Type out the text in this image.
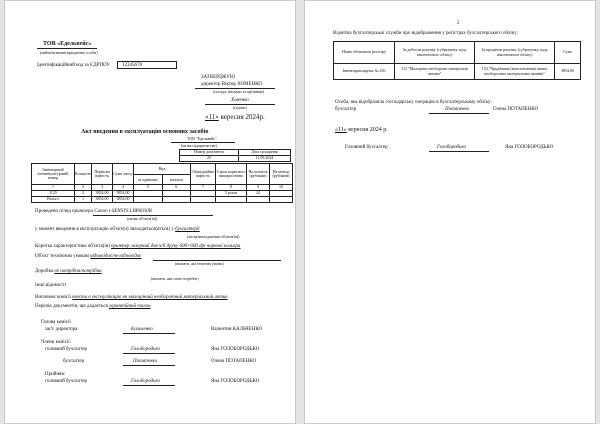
ТОВ «Едельвейс»
(найменування юридичної особи)
Ідентифікаційний код за ЄДРПОУ	12345678
ЗАТВЕРДЖУЮ
директор Віктор ХОМЕНКО
(посада, ініціали та прізвище)
Хоменко
(підпис)
«11» вересня 2024р.
Акт введення в експлуатацію основних засобів
ТОВ "Едельвейс"
(назва підприємства)
Номер документа	Дата складання
25	11.09.2024
Інвентарний (номенклатурний) номер	Кількість	Первісна вартість	Сума зносу	Вид
за одиницю загалом		Ліквідаційна вартість	Строк корисного використання	На початок (рублями)	На кінець (рублями)
1	2	3	4	5	6	7	8	9	10
1125	2	3854,00	3854,00				5 років	24	
Всього	1	3854,00	3854,00						
Проведено огляд принтера Canon i-SENSYS LBP6030B
(назва об'єкта(ів))
у момент введення в експлуатацію об'єкт(и) знаходиться(яться) у бухгалтерії
(місцезнаходження об'єкта(ів))
Коротка характеристика об'єкта(ів) принтер лазерний для ч/б друку 600×600 dpi чорнові кольори
Об'єкт технічним умовам відповідає/не відповідає
(вказати, які технічні умови)
Доробка не потрібна/потрібна
(вказати, яке саме потрібне)
Інші відомості
Висновок комісії ввести в експлуатацію як малоцінний необоротний матеріальний актив
Перелік документів, що додається гарантійний талон
Голова комісії
заст. директора	Кальченко	Валентин КАЛЬЧЕНКО
Члени комісії:
головний бухгалтер	Голобородько	Яна ГОЛОБОРОДЬКО
бухгалтер	Потапенко	Олена ПОТАПЕНКО
Прийняв:
головний бухгалтер	Голобородько	Яна ГОЛОБОРОДЬКО
2
Відмітка бухгалтерської служби про відображення у регістрах бухгалтерського обліку:
Назва облікового регістру	За дебетом рахунку (субрахунку, коду аналітичного обліку)	За кредитом рахунку (субрахунку, коду аналітичного обліку)	Сума
Інвентарна картка № 256	112 "Малоцінні необоротні матеріальні активи"	153 "Придбання (виготовлення) інших необоротних матеріальних активів"	3854,00
Особа, яка відобразила господарську операцію в бухгалтерському обліку:
бухгалтер	Потапенко	Олена ПОТАПЕНКО
«11» вересня 2024 р.
Головний бухгалтер	Голобородько	Яна ГОЛОБОРОДЬКО
